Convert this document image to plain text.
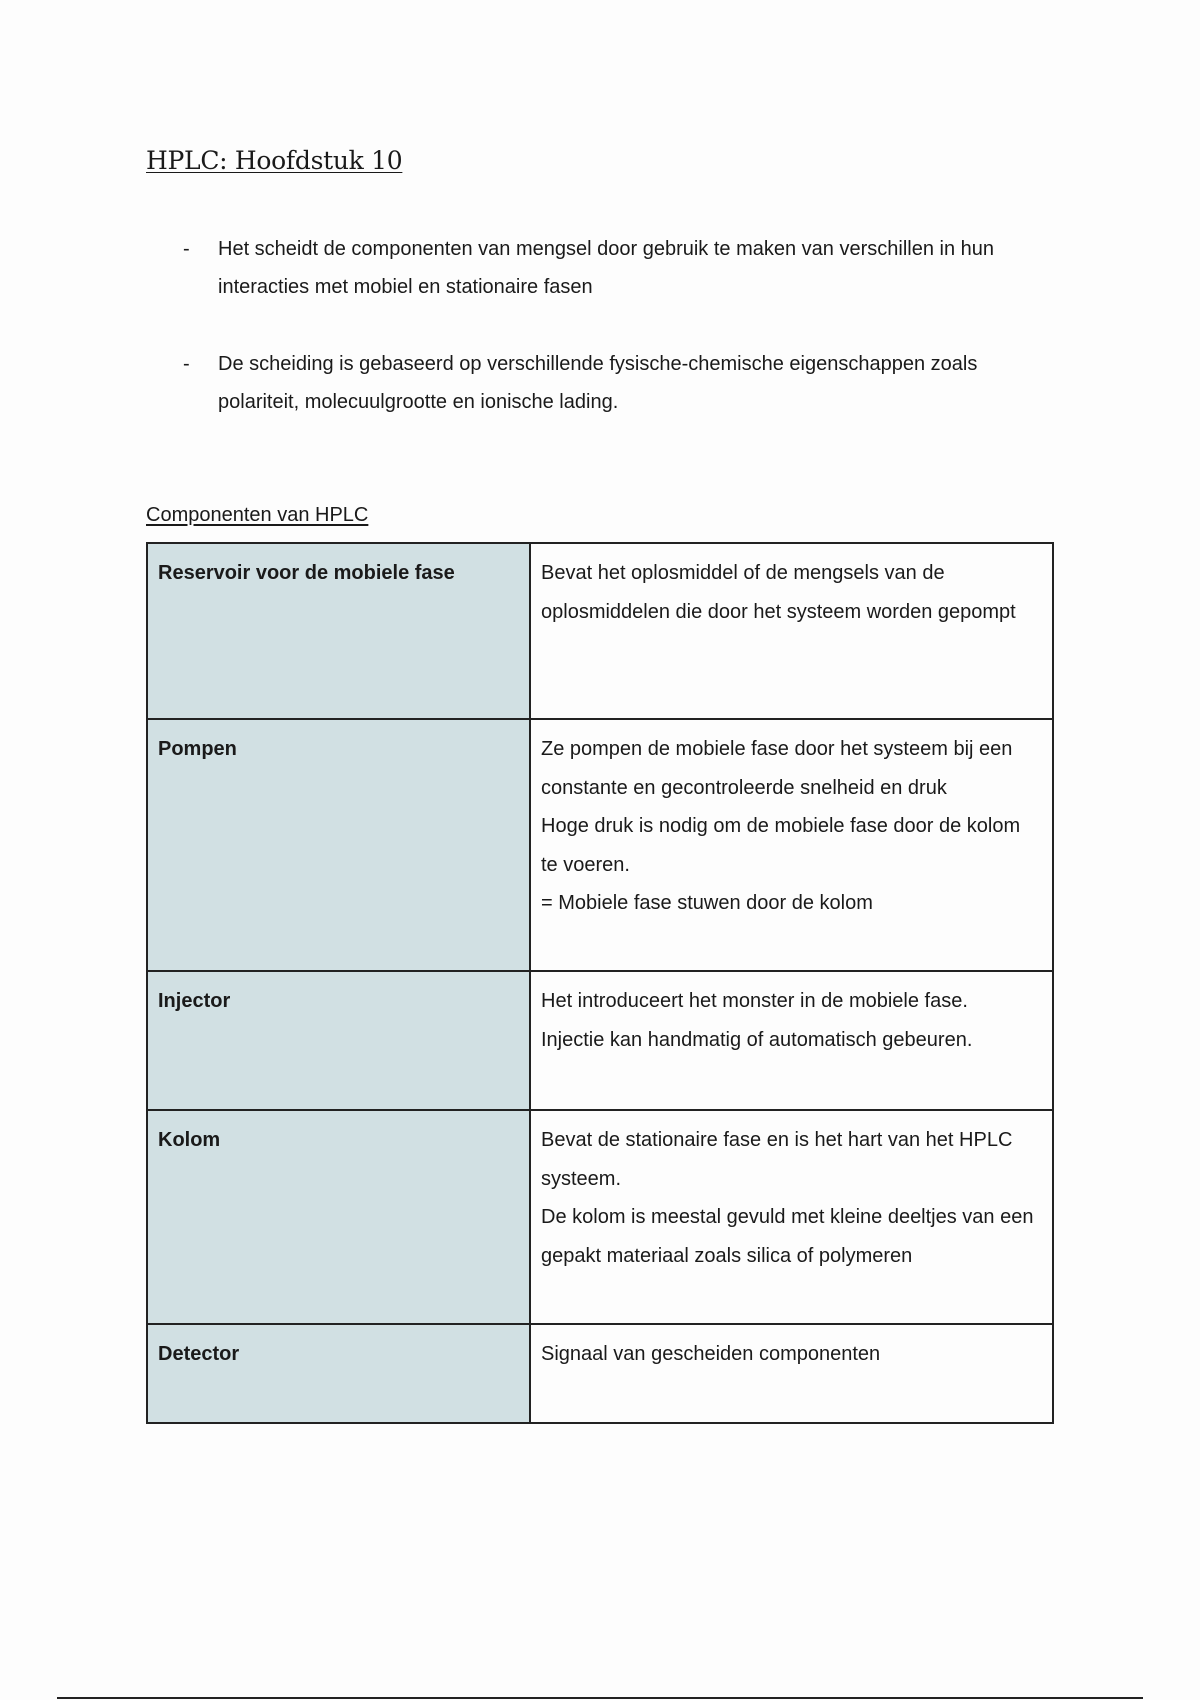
HPLC: Hoofdstuk 10
- Het scheidt de componenten van mengsel door gebruik te maken van verschillen in hun interacties met mobiel en stationaire fasen
- De scheiding is gebaseerd op verschillende fysische-chemische eigenschappen zoals polariteit, molecuulgrootte en ionische lading.
Componenten van HPLC
Reservoir voor de mobiele fase	Bevat het oplosmiddel of de mengsels van de oplosmiddelen die door het systeem worden gepompt

Pompen	Ze pompen de mobiele fase door het systeem bij een constante en gecontroleerde snelheid en druk
Hoge druk is nodig om de mobiele fase door de kolom te voeren.
= Mobiele fase stuwen door de kolom

Injector	Het introduceert het monster in de mobiele fase.
Injectie kan handmatig of automatisch gebeuren.

Kolom	Bevat de stationaire fase en is het hart van het HPLC systeem.
De kolom is meestal gevuld met kleine deeltjes van een gepakt materiaal zoals silica of polymeren

Detector	Signaal van gescheiden componenten
